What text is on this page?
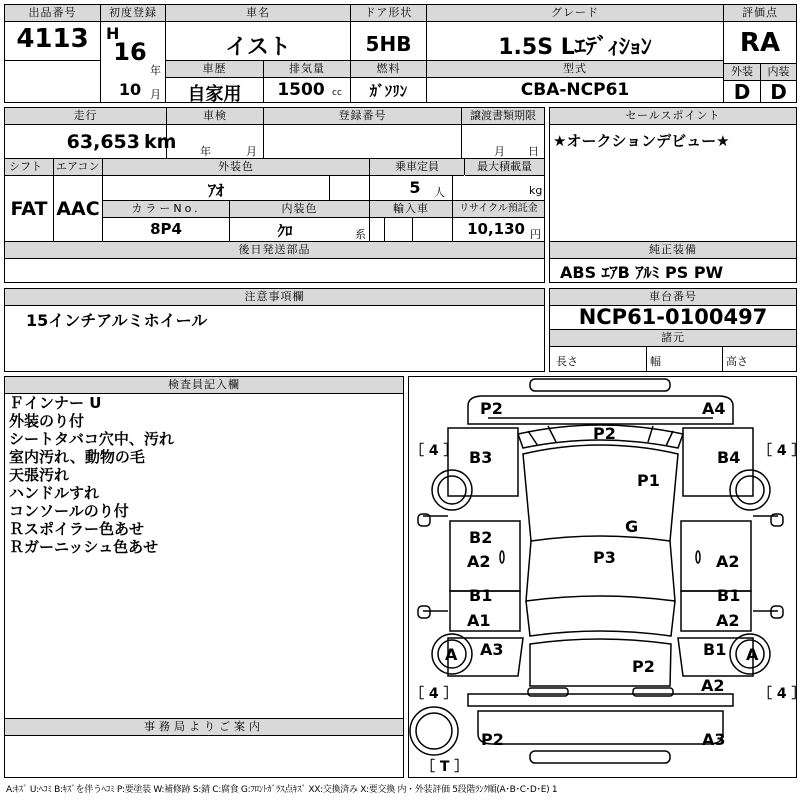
出品番号
4113
初度登録
H
16
年
車名
イスト
ドア形状
5HB
グレード
1.5S Lｴﾃﾞｨｼｮﾝ
評価点
RA
車歴	排気量	燃料	型式
10 月	自家用	1500 cc	ｶﾞｿﾘﾝ	CBA-NCP61
外装	内装
D D
走行
63,653 km
車検
年	月
登録番号	譲渡書類期限
月 日
シフト	エアコン
FAT AAC
外装色
ｱｵ
乗車定員
5	人
最大積載量
kg
カラーNo.	内装色
8P4	ｸﾛ	系
輸入車	リサイクル預託金
10,130 円
後日発送部品
セールスポイント
★オークションデビュー★
純正装備
ABS ｴｱB ｱﾙﾐ PS PW
注意事項欄
15インチアルミホイール
車台番号
NCP61-0100497
諸元
長さ	幅	高さ
検査員記入欄
Ｆインナー U
外装のり付
シートタバコ穴中、汚れ
室内汚れ、動物の毛
天張汚れ
ハンドルすれ
コンソールのり付
Ｒスポイラー色あせ
Ｒガーニッシュ色あせ
事務局よりご案内
P2	A4
P2
B3	B4
P1
G
B2
A2	A2
P3
B1
A1
B1
A2
A3	B1
P2
A2
P2	A3
A	A
［ 4 ］	［ 4 ］
［ 4 ］	［ 4 ］
［ T ］
A:ｷｽﾞ U:ﾍｺﾐ B:ｷｽﾞを伴うﾍｺﾐ P:要塗装 W:補修跡 S:錆 C:腐食 G:ﾌﾛﾝﾄｶﾞﾗｽ点ｷｽﾞ XX:交換済み X:要交換 内・外装評価 5段階ﾗﾝｸ順(A･B･C･D･E) 1
